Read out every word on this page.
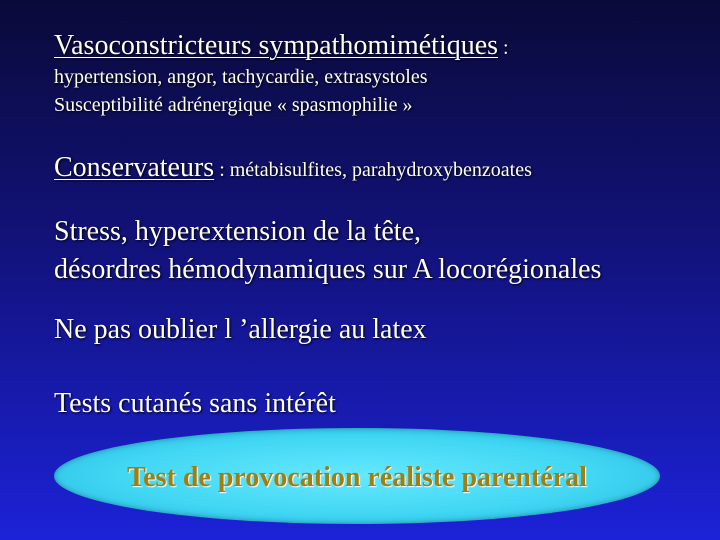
Vasoconstricteurs sympathomimétiques :
hypertension, angor, tachycardie, extrasystoles
Susceptibilité adrénergique « spasmophilie »
Conservateurs : métabisulfites, parahydroxybenzoates
Stress, hyperextension de la tête,
désordres hémodynamiques sur A locorégionales
Ne pas oublier l ’allergie au latex
Tests cutanés sans intérêt
Test de provocation réaliste parentéral
